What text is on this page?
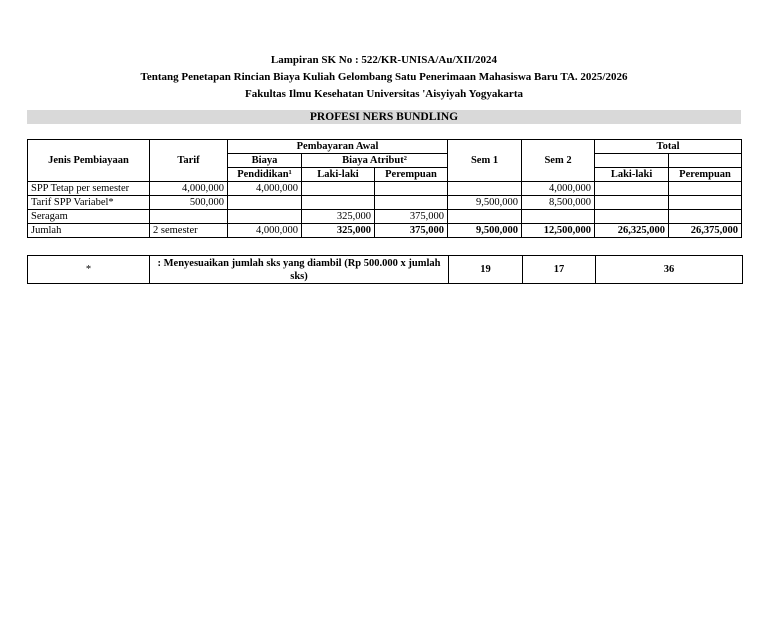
Lampiran SK No : 522/KR-UNISA/Au/XII/2024
Tentang Penetapan Rincian Biaya Kuliah Gelombang Satu Penerimaan Mahasiswa Baru TA. 2025/2026
Fakultas Ilmu Kesehatan Universitas 'Aisyiyah Yogyakarta
PROFESI NERS BUNDLING
Jenis Pembiayaan	Tarif	Pembayaran Awal			Sem 1	Sem 2	Total	
		Biaya	Biaya Atribut²					
		Pendidikan¹	Laki-laki	Perempuan			Laki-laki	Perempuan
SPP Tetap per semester	4,000,000	4,000,000				4,000,000		
Tarif SPP Variabel*	500,000				9,500,000	8,500,000		
Seragam			325,000	375,000				
Jumlah	2 semester	4,000,000	325,000	375,000	9,500,000	12,500,000	26,325,000	26,375,000
*	: Menyesuaikan jumlah sks yang diambil (Rp 500.000 x jumlah sks)	19	17	36
